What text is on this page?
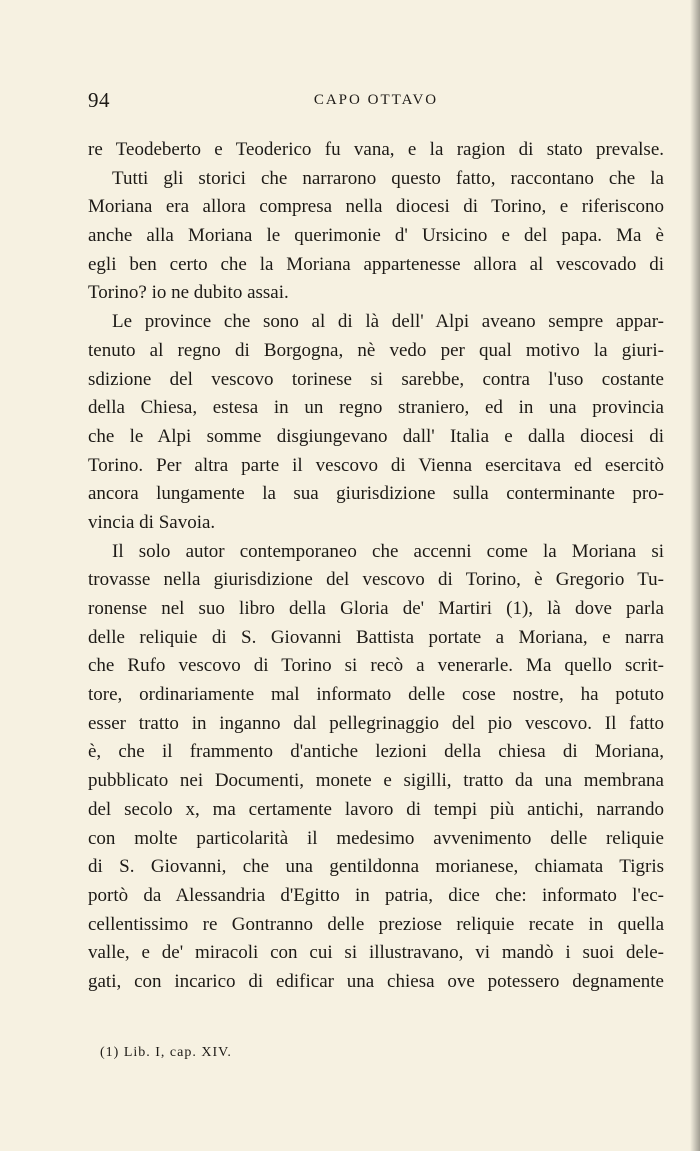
94	CAPO OTTAVO
re Teodeberto e Teoderico fu vana, e la ragion di stato prevalse.
Tutti gli storici che narrarono questo fatto, raccontano che la
Moriana era allora compresa nella diocesi di Torino, e riferiscono
anche alla Moriana le querimonie d' Ursicino e del papa. Ma è
egli ben certo che la Moriana appartenesse allora al vescovado di
Torino? io ne dubito assai.
Le province che sono al di là dell' Alpi aveano sempre appar-
tenuto al regno di Borgogna, nè vedo per qual motivo la giuri-
sdizione del vescovo torinese si sarebbe, contra l'uso costante
della Chiesa, estesa in un regno straniero, ed in una provincia
che le Alpi somme disgiungevano dall' Italia e dalla diocesi di
Torino. Per altra parte il vescovo di Vienna esercitava ed esercitò
ancora lungamente la sua giurisdizione sulla conterminante pro-
vincia di Savoia.
Il solo autor contemporaneo che accenni come la Moriana si
trovasse nella giurisdizione del vescovo di Torino, è Gregorio Tu-
ronense nel suo libro della Gloria de' Martiri (1), là dove parla
delle reliquie di S. Giovanni Battista portate a Moriana, e narra
che Rufo vescovo di Torino si recò a venerarle. Ma quello scrit-
tore, ordinariamente mal informato delle cose nostre, ha potuto
esser tratto in inganno dal pellegrinaggio del pio vescovo. Il fatto
è, che il frammento d'antiche lezioni della chiesa di Moriana,
pubblicato nei Documenti, monete e sigilli, tratto da una membrana
del secolo x, ma certamente lavoro di tempi più antichi, narrando
con molte particolarità il medesimo avvenimento delle reliquie
di S. Giovanni, che una gentildonna morianese, chiamata Tigris
portò da Alessandria d'Egitto in patria, dice che: informato l'ec-
cellentissimo re Gontranno delle preziose reliquie recate in quella
valle, e de' miracoli con cui si illustravano, vi mandò i suoi dele-
gati, con incarico di edificar una chiesa ove potessero degnamente
(1) Lib. I, cap. XIV.
